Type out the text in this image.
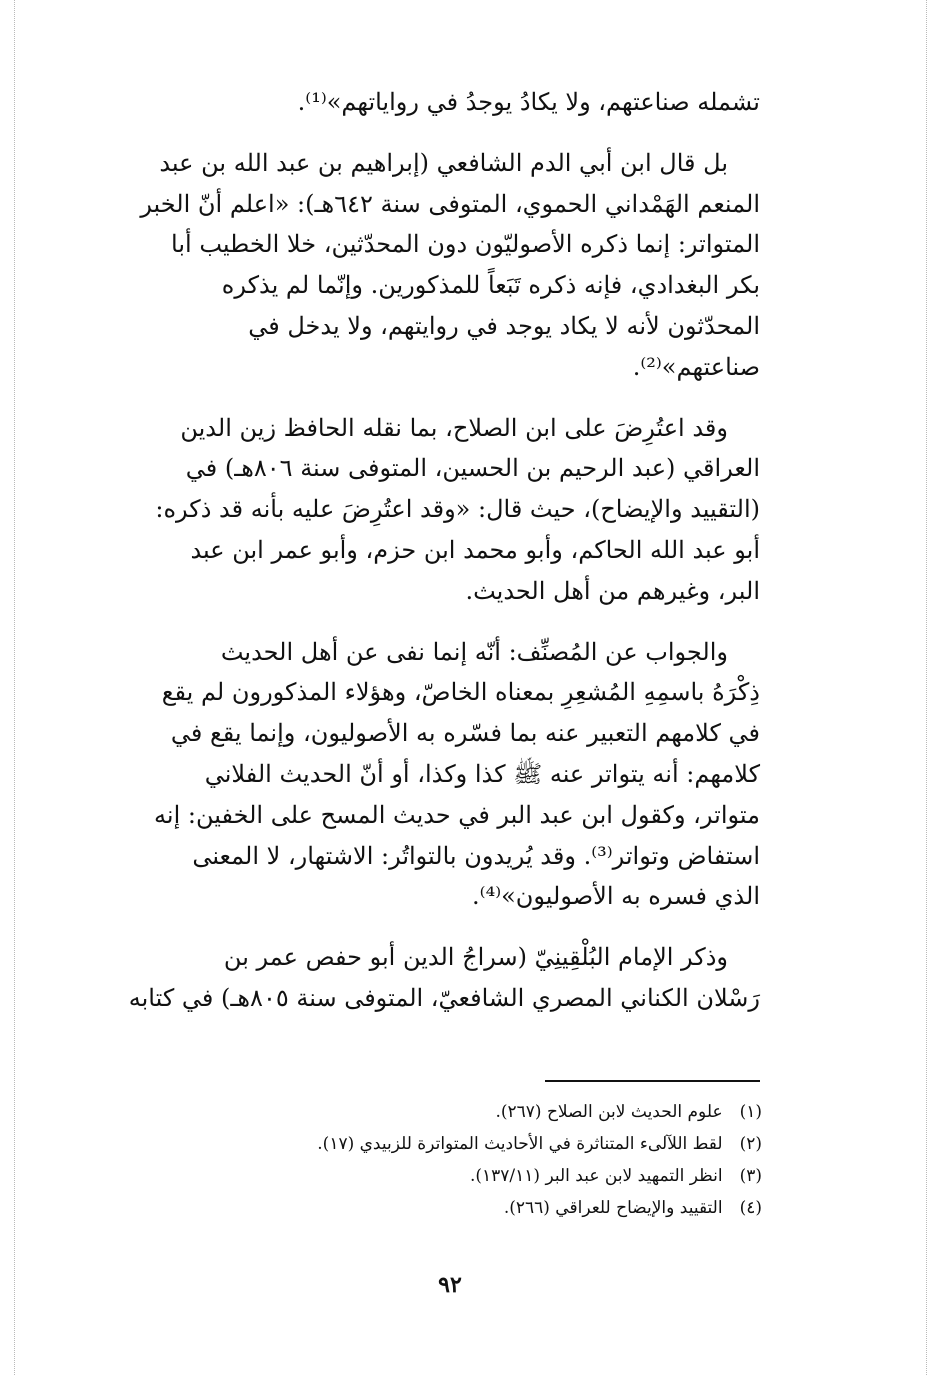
تشمله صناعتهم، ولا يكادُ يوجدُ في رواياتهم»⁽¹⁾.

بل قال ابن أبي الدم الشافعي (إبراهيم بن عبد الله بن عبد
المنعم الهَمْداني الحموي، المتوفى سنة ٦٤٢هـ): «اعلم أنّ الخبر
المتواتر: إنما ذكره الأصوليّون دون المحدّثين، خلا الخطيب أبا
بكر البغدادي، فإنه ذكره تَبَعاً للمذكورين. وإنّما لم يذكره
المحدّثون لأنه لا يكاد يوجد في روايتهم، ولا يدخل في
صناعتهم»⁽²⁾.

وقد اعتُرِضَ على ابن الصلاح، بما نقله الحافظ زين الدين
العراقي (عبد الرحيم بن الحسين، المتوفى سنة ٨٠٦هـ) في
(التقييد والإيضاح)، حيث قال: «وقد اعتُرِضَ عليه بأنه قد ذكره:
أبو عبد الله الحاكم، وأبو محمد ابن حزم، وأبو عمر ابن عبد
البر، وغيرهم من أهل الحديث.

والجواب عن المُصنِّف: أنّه إنما نفى عن أهل الحديث
ذِكْرَهُ باسمِهِ المُشعِرِ بمعناه الخاصّ، وهؤلاء المذكورون لم يقع
في كلامهم التعبير عنه بما فسّره به الأصوليون، وإنما يقع في
كلامهم: أنه يتواتر عنه ﷺ كذا وكذا، أو أنّ الحديث الفلاني
متواتر، وكقول ابن عبد البر في حديث المسح على الخفين: إنه
استفاض وتواتر⁽³⁾. وقد يُريدون بالتواتُر: الاشتهار، لا المعنى
الذي فسره به الأصوليون»⁽⁴⁾.

وذكر الإمام البُلْقِينِيّ (سراجُ الدين أبو حفص عمر بن
رَسْلان الكناني المصري الشافعيّ، المتوفى سنة ٨٠٥هـ) في كتابه

(١) علوم الحديث لابن الصلاح (٢٦٧).
(٢) لقط اللآلىء المتناثرة في الأحاديث المتواترة للزبيدي (١٧).
(٣) انظر التمهيد لابن عبد البر (١٣٧/١١).
(٤) التقييد والإيضاح للعراقي (٢٦٦).
٩٢
